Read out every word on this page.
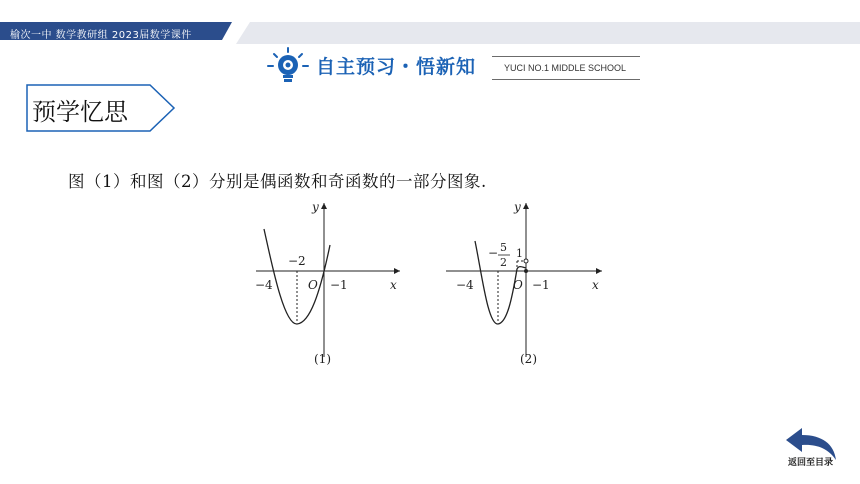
榆次一中 数学教研组 2023届数学课件
自主预习・悟新知	YUCI NO.1 MIDDLE SCHOOL
预学忆思
图（1）和图（2）分别是偶函数和奇函数的一部分图象.
y
x
O
−4
−2
−1
(1)
y
x
O
−4
− 5
2
1
−1
(2)
返回至目录
